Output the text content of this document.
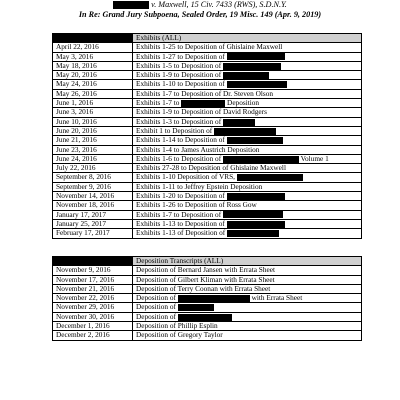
v. Maxwell, 15 Civ. 7433 (RWS), S.D.N.Y.
In Re: Grand Jury Subpoena, Sealed Order, 19 Misc. 149 (Apr. 9, 2019)
	Exhibits (ALL)
April 22, 2016	Exhibits 1-25 to Deposition of Ghislaine Maxwell
May 3, 2016	Exhibits 1-27 to Deposition of
May 18, 2016	Exhibits 1-5 to Deposition of
May 20, 2016	Exhibits 1-9 to Deposition of
May 24, 2016	Exhibits 1-10 to Deposition of
May 26, 2016	Exhibits 1-7 to Deposition of Dr. Steven Olson
June 1, 2016	Exhibits 1-7 to Deposition
June 3, 2016	Exhibits 1-9 to Deposition of David Rodgers
June 10, 2016	Exhibits 1-3 to Deposition of
June 20, 2016	Exhibit 1 to Deposition of
June 21, 2016	Exhibits 1-14 to Deposition of
June 23, 2016	Exhibits 1-4 to James Austrich Deposition
June 24, 2016	Exhibits 1-6 to Deposition of Volume 1
July 22, 2016	Exhibits 27-28 to Deposition of Ghislaine Maxwell
September 8, 2016	Exhibits 1-10 Deposition of VRS,
September 9, 2016	Exhibits 1-11 to Jeffrey Epstein Deposition
November 14, 2016	Exhibits 1-20 to Deposition of
November 18, 2016	Exhibits 1-26 to Deposition of Ross Gow
January 17, 2017	Exhibits 1-7 to Deposition of
January 25, 2017	Exhibits 1-13 to Deposition of
February 17, 2017	Exhibits 1-13 of Deposition of
	Deposition Transcripts (ALL)
November 9, 2016	Deposition of Bernard Jansen with Errata Sheet
November 17, 2016	Deposition of Gilbert Kliman with Errata Sheet
November 21, 2016	Deposition of Terry Coonan with Errata Sheet
November 22, 2016	Deposition of with Errata Sheet
November 29, 2016	Deposition of
November 30, 2016	Deposition of
December 1, 2016	Deposition of Phillip Esplin
December 2, 2016	Deposition of Gregory Taylor
